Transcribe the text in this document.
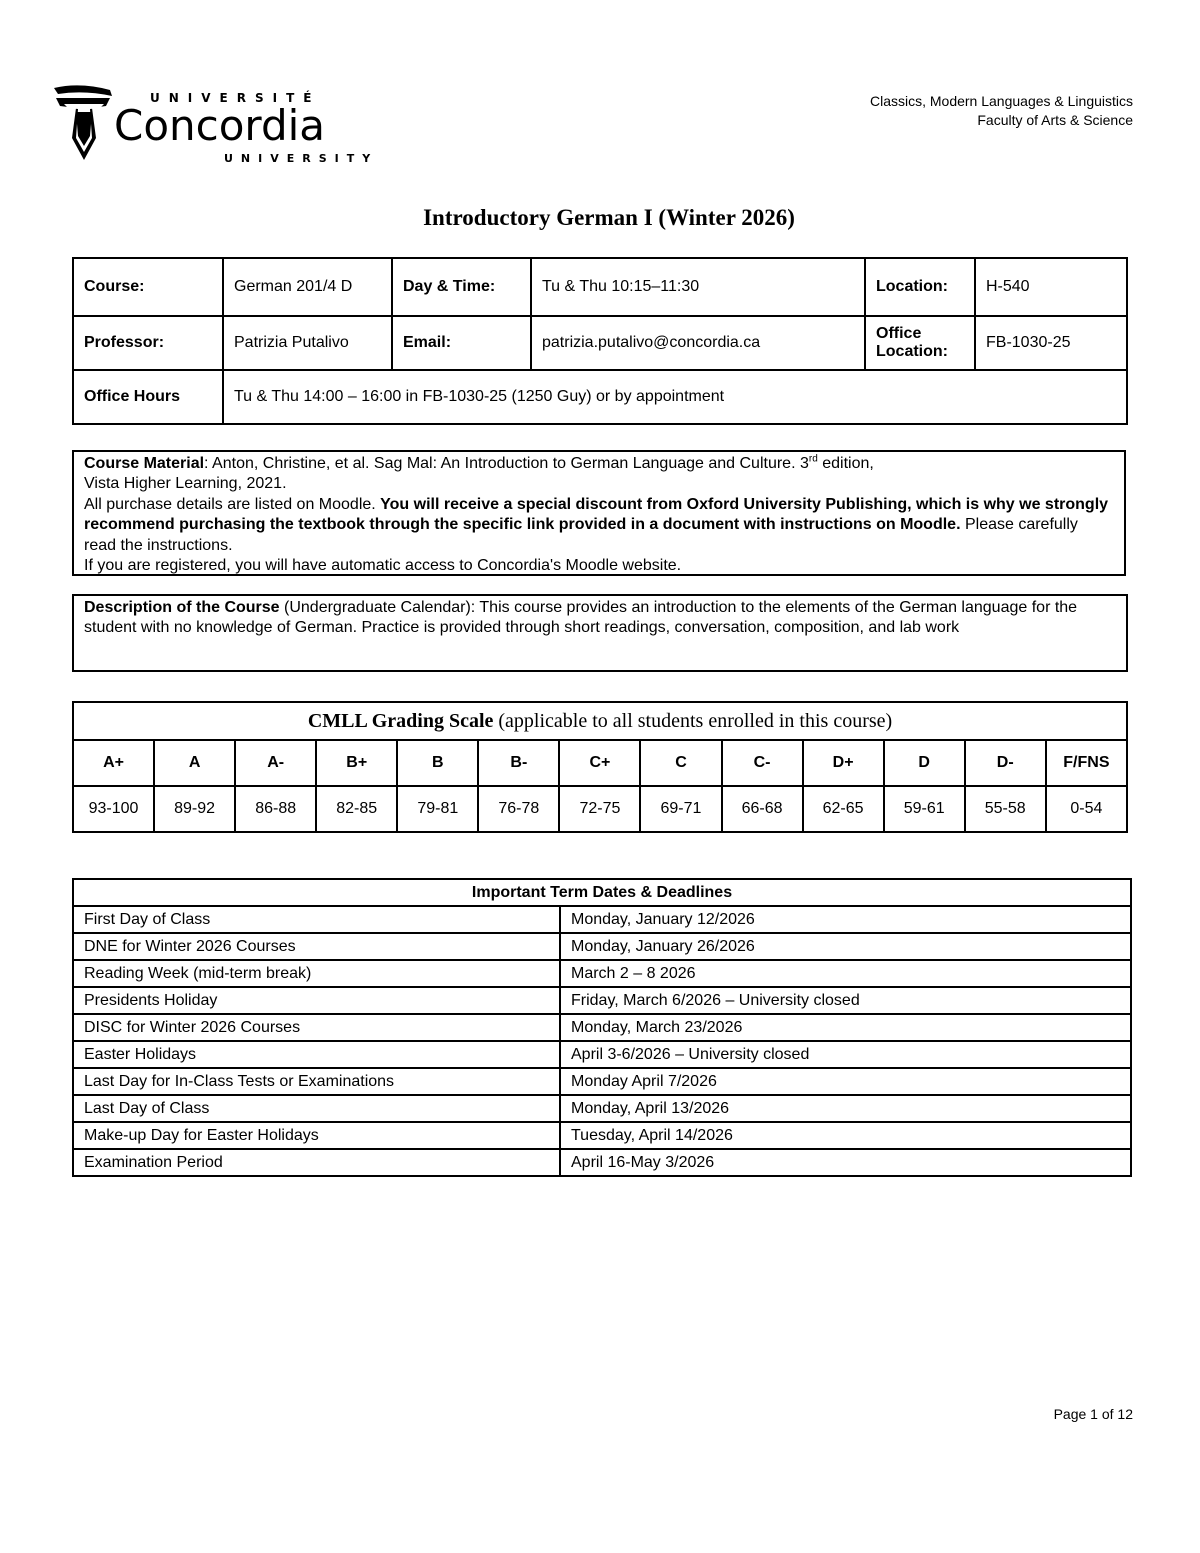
UNIVERSITÉ
Concordia
UNIVERSITY
Classics, Modern Languages & Linguistics
Faculty of Arts & Science
Introductory German I (Winter 2026)
Course:	German 201/4 D	Day & Time:	Tu & Thu 10:15–11:30	Location:	H-540
Professor:	Patrizia Putalivo	Email:	patrizia.putalivo@concordia.ca	Office Location:	FB-1030-25
Office Hours	Tu & Thu 14:00 – 16:00 in FB-1030-25 (1250 Guy) or by appointment				
Course Material: Anton, Christine, et al. Sag Mal: An Introduction to German Language and Culture. 3rd edition,
Vista Higher Learning, 2021.
All purchase details are listed on Moodle. You will receive a special discount from Oxford University Publishing, which is why we strongly recommend purchasing the textbook through the specific link provided in a document with instructions on Moodle. Please carefully read the instructions.
If you are registered, you will have automatic access to Concordia's Moodle website.
Description of the Course (Undergraduate Calendar): This course provides an introduction to the elements of the German language for the student with no knowledge of German. Practice is provided through short readings, conversation, composition, and lab work
CMLL Grading Scale (applicable to all students enrolled in this course)												
A+	A	A-	B+	B	B-	C+	C	C-	D+	D	D-	F/FNS
93-100	89-92	86-88	82-85	79-81	76-78	72-75	69-71	66-68	62-65	59-61	55-58	0-54
Important Term Dates & Deadlines	
First Day of Class	Monday, January 12/2026
DNE for Winter 2026 Courses	Monday, January 26/2026
Reading Week (mid-term break)	March 2 – 8 2026
Presidents Holiday	Friday, March 6/2026 – University closed
DISC for Winter 2026 Courses	Monday, March 23/2026
Easter Holidays	April 3-6/2026 – University closed
Last Day for In-Class Tests or Examinations	Monday April 7/2026
Last Day of Class	Monday, April 13/2026
Make-up Day for Easter Holidays	Tuesday, April 14/2026
Examination Period	April 16-May 3/2026
Page 1 of 12
